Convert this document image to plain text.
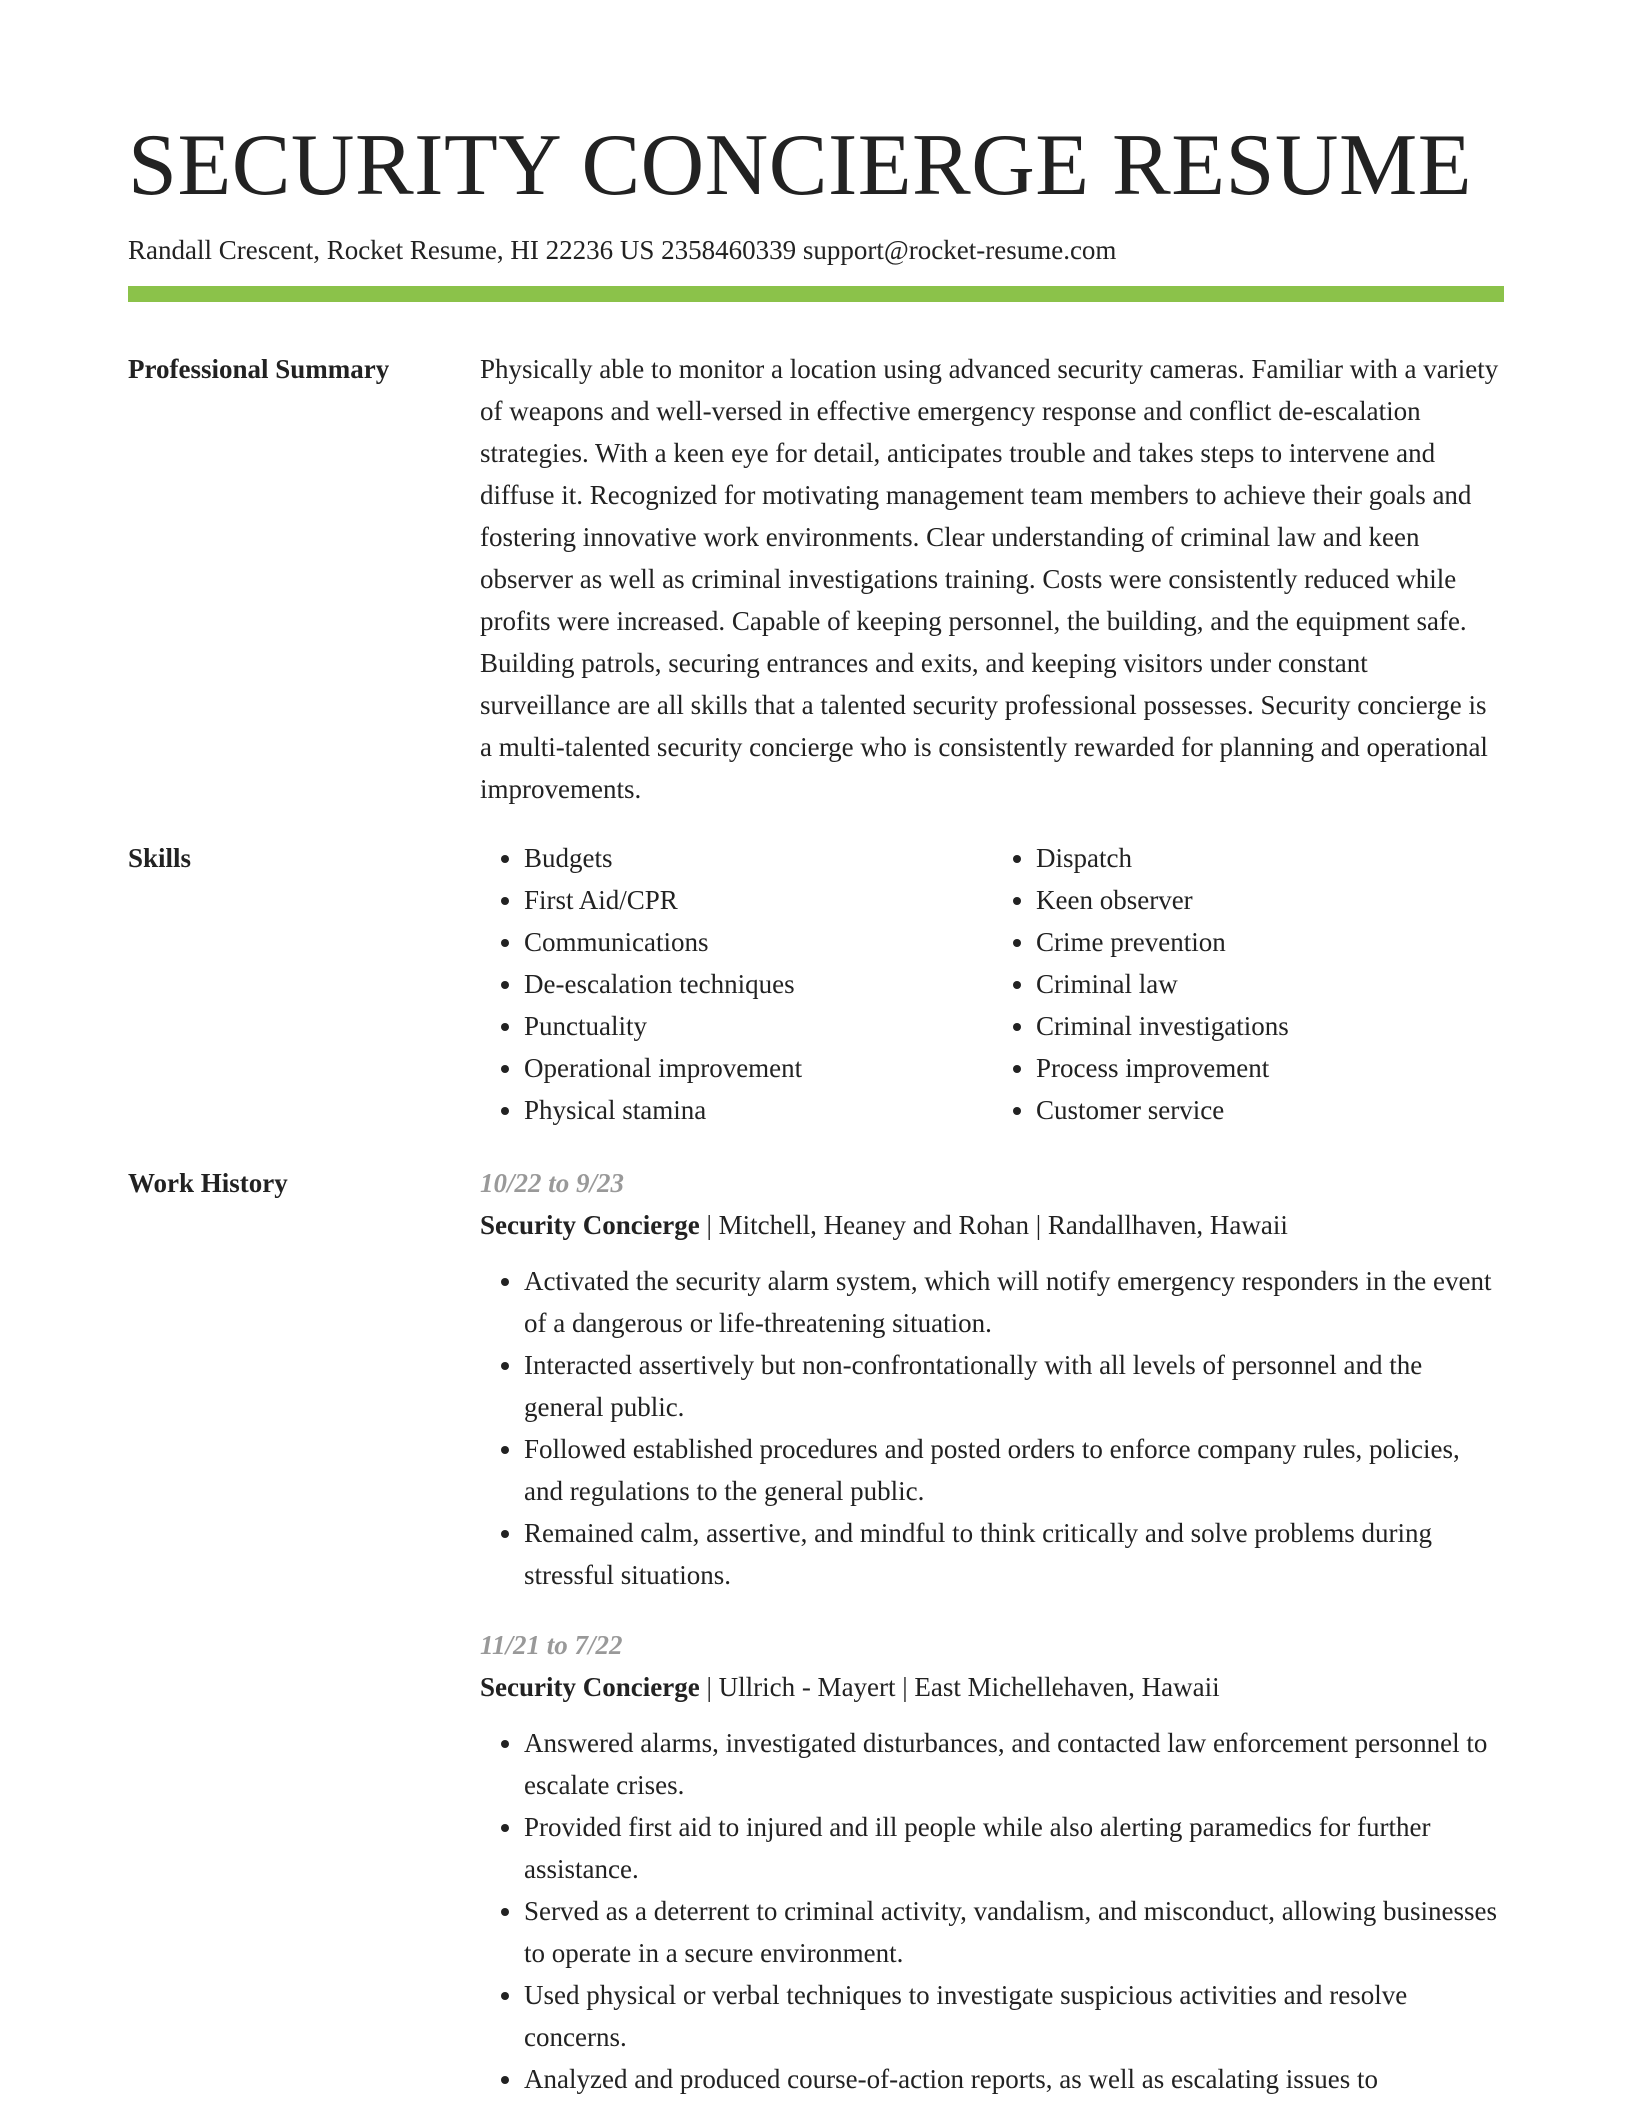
SECURITY CONCIERGE RESUME
Randall Crescent, Rocket Resume, HI 22236 US 2358460339 support@rocket-resume.com
Professional Summary	Physically able to monitor a location using advanced security cameras. Familiar with a variety of weapons and well-versed in effective emergency response and conflict de-escalation strategies. With a keen eye for detail, anticipates trouble and takes steps to intervene and diffuse it. Recognized for motivating management team members to achieve their goals and fostering innovative work environments. Clear understanding of criminal law and keen observer as well as criminal investigations training. Costs were consistently reduced while profits were increased. Capable of keeping personnel, the building, and the equipment safe. Building patrols, securing entrances and exits, and keeping visitors under constant surveillance are all skills that a talented security professional possesses. Security concierge is a multi-talented security concierge who is consistently rewarded for planning and operational improvements.

Skills
•	Budgets
• First Aid/CPR
• Communications
• De-escalation techniques
• Punctuality
• Operational improvement
• Physical stamina
• Dispatch
• Keen observer
• Crime prevention
• Criminal law
• Criminal investigations
• Process improvement
• Customer service
Work History	10/22 to 9/23
Security Concierge | Mitchell, Heaney and Rohan | Randallhaven, Hawaii
• Activated the security alarm system, which will notify emergency responders in the event of a dangerous or life-threatening situation.
• Interacted assertively but non-confrontationally with all levels of personnel and the general public.
• Followed established procedures and posted orders to enforce company rules, policies, and regulations to the general public.
• Remained calm, assertive, and mindful to think critically and solve problems during stressful situations.
11/21 to 7/22
Security Concierge | Ullrich - Mayert | East Michellehaven, Hawaii
• Answered alarms, investigated disturbances, and contacted law enforcement personnel to escalate crises.
• Provided first aid to injured and ill people while also alerting paramedics for further assistance.
• Served as a deterrent to criminal activity, vandalism, and misconduct, allowing businesses to operate in a secure environment.
• Used physical or verbal techniques to investigate suspicious activities and resolve concerns.
• Analyzed and produced course-of-action reports, as well as escalating issues to
